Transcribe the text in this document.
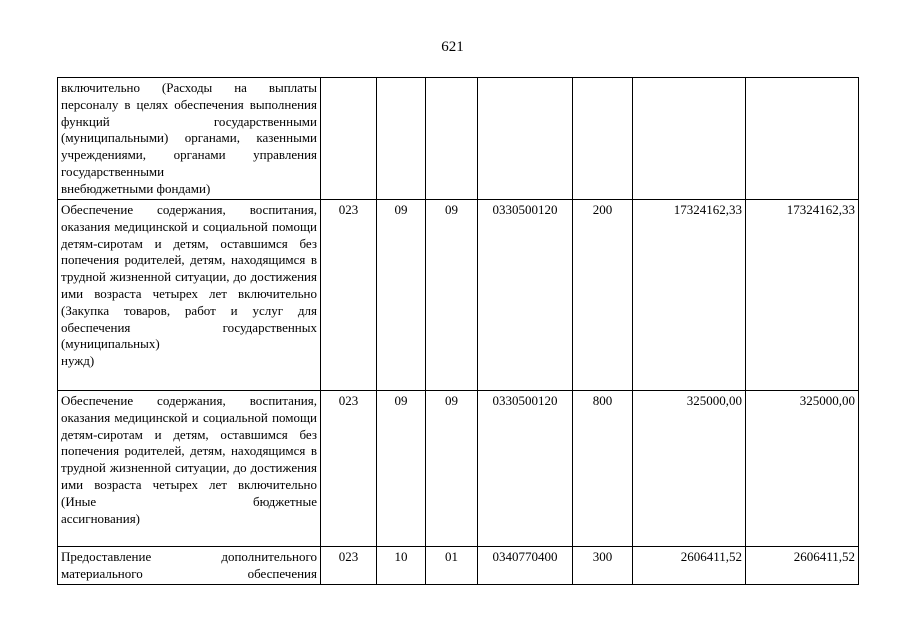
621
включительно (Расходы на выплаты персоналу в целях обеспечения выполнения функций государственными (муниципальными) органами, казенными учреждениями, органами управления государственными
внебюджетными фондами)							

Обеспечение содержания, воспитания, оказания медицинской и социальной помощи детям-сиротам и детям, оставшимся без попечения родителей, детям, находящимся в трудной жизненной ситуации, до достижения ими возраста четырех лет включительно (Закупка товаров, работ и услуг для обеспечения государственных (муниципальных)
нужд)	023	09	09	0330500120	200	17324162,33	17324162,33
Обеспечение содержания, воспитания, оказания медицинской и социальной помощи детям-сиротам и детям, оставшимся без попечения родителей, детям, находящимся в трудной жизненной ситуации, до достижения ими возраста четырех лет включительно (Иные бюджетные
ассигнования)	023	09	09	0330500120	800	325000,00	325000,00
Предоставление дополнительного материального обеспечения	023	10	01	0340770400	300	2606411,52	2606411,52
